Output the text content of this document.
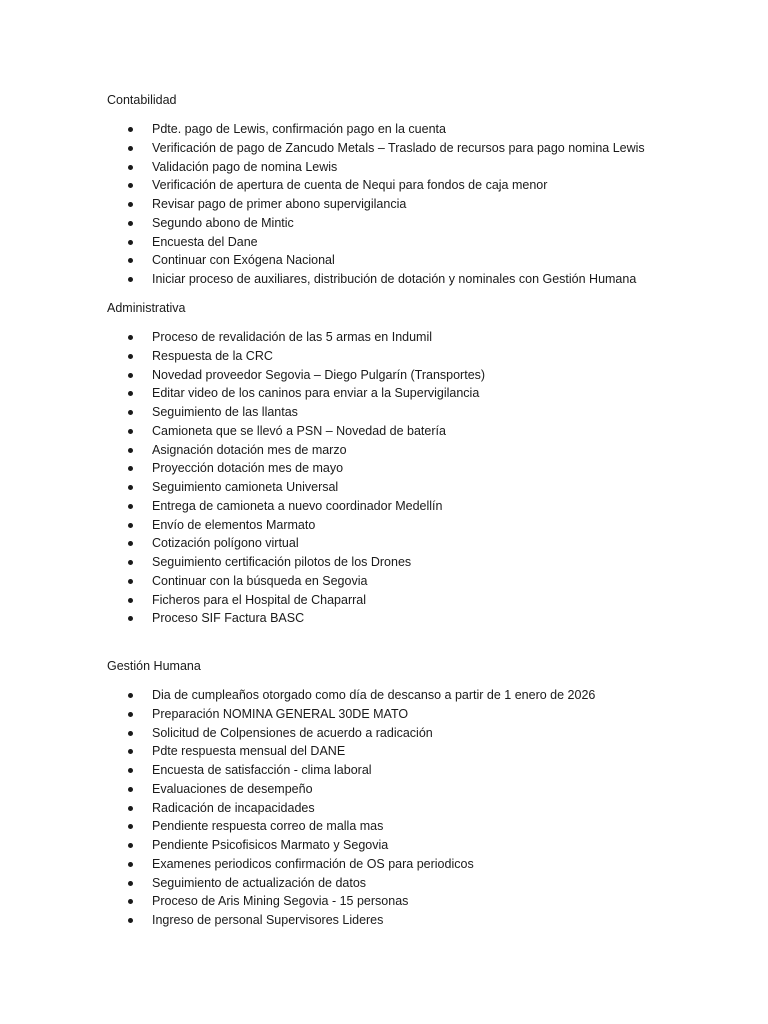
Contabilidad

Pdte. pago de Lewis, confirmación pago en la cuenta
Verificación de pago de Zancudo Metals – Traslado de recursos para pago nomina Lewis
Validación pago de nomina Lewis
Verificación de apertura de cuenta de Nequi para fondos de caja menor
Revisar pago de primer abono supervigilancia
Segundo abono de Mintic
Encuesta del Dane
Continuar con Exógena Nacional
Iniciar proceso de auxiliares, distribución de dotación y nominales con Gestión Humana

Administrativa

Proceso de revalidación de las 5 armas en Indumil
Respuesta de la CRC
Novedad proveedor Segovia – Diego Pulgarín (Transportes)
Editar video de los caninos para enviar a la Supervigilancia
Seguimiento de las llantas
Camioneta que se llevó a PSN – Novedad de batería
Asignación dotación mes de marzo
Proyección dotación mes de mayo
Seguimiento camioneta Universal
Entrega de camioneta a nuevo coordinador Medellín
Envío de elementos Marmato
Cotización polígono virtual
Seguimiento certificación pilotos de los Drones
Continuar con la búsqueda en Segovia
Ficheros para el Hospital de Chaparral
Proceso SIF Factura BASC

Gestión Humana

Dia de cumpleaños otorgado como día de descanso a partir de 1 enero de 2026
Preparación NOMINA GENERAL 30DE MATO
Solicitud de Colpensiones de acuerdo a radicación
Pdte respuesta mensual del DANE
Encuesta de satisfacción - clima laboral
Evaluaciones de desempeño
Radicación de incapacidades
Pendiente respuesta correo de malla mas
Pendiente Psicofisicos Marmato y Segovia
Examenes periodicos confirmación de OS para periodicos
Seguimiento de actualización de datos
Proceso de Aris Mining Segovia - 15 personas
Ingreso de personal Supervisores Lideres
